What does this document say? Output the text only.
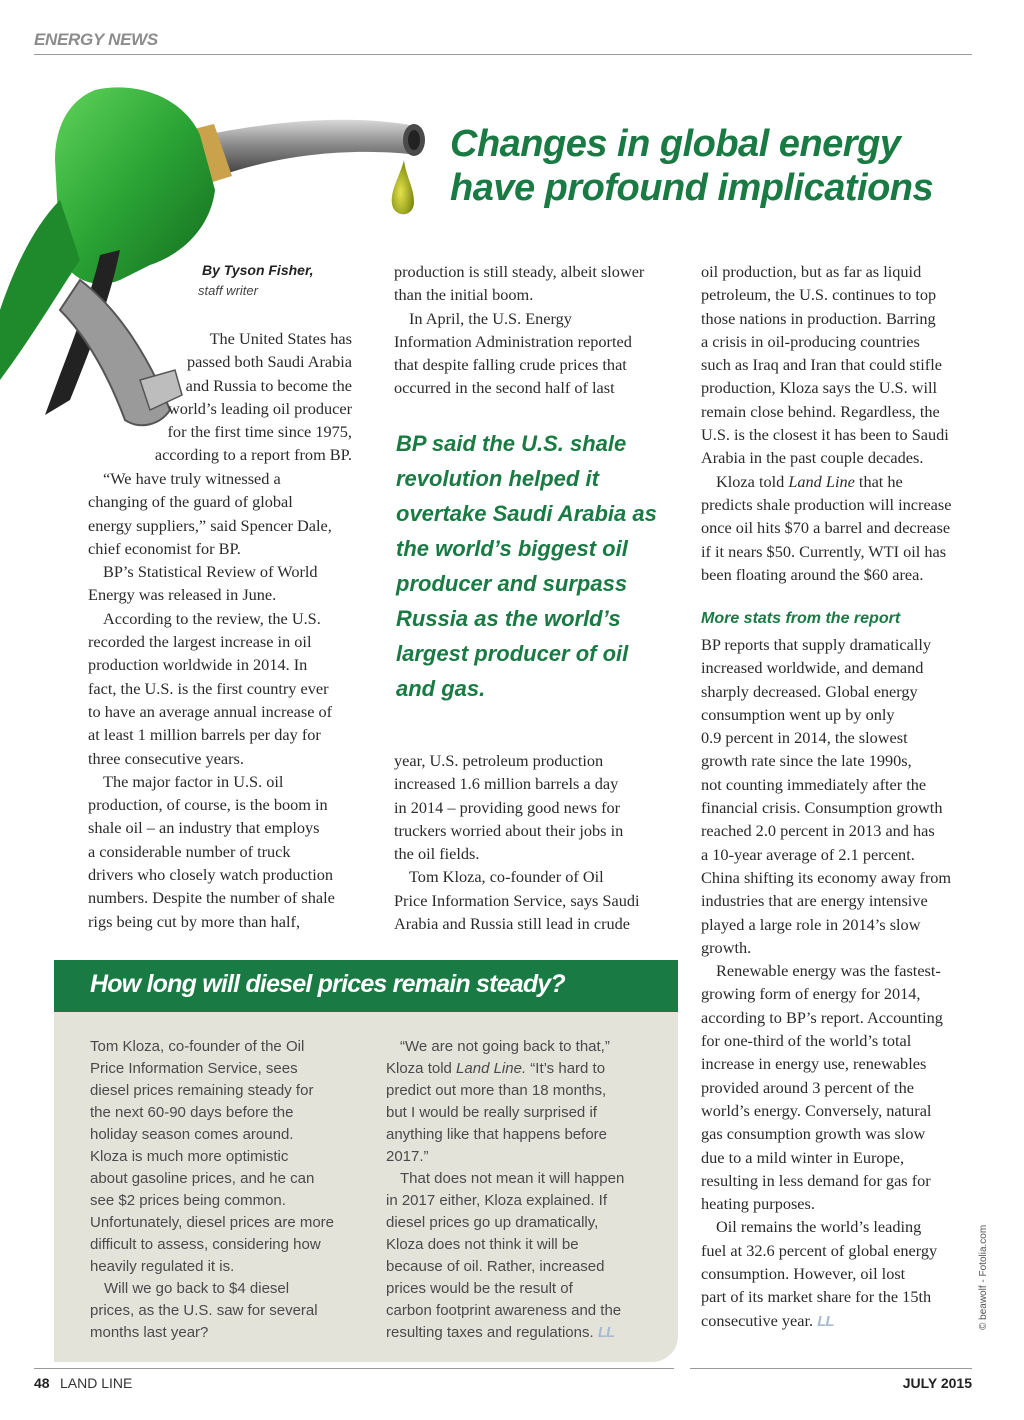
ENERGY NEWS
Changes in global energy
have profound implications
By Tyson Fisher,
staff writer
The United States has
passed both Saudi Arabia
and Russia to become the
world’s leading oil producer
for the first time since 1975,
according to a report from BP.
“We have truly witnessed a
changing of the guard of global
energy suppliers,” said Spencer Dale,
chief economist for BP.
BP’s Statistical Review of World
Energy was released in June.
According to the review, the U.S.
recorded the largest increase in oil
production worldwide in 2014. In
fact, the U.S. is the first country ever
to have an average annual increase of
at least 1 million barrels per day for
three consecutive years.
The major factor in U.S. oil
production, of course, is the boom in
shale oil – an industry that employs
a considerable number of truck
drivers who closely watch production
numbers. Despite the number of shale
rigs being cut by more than half,
production is still steady, albeit slower
than the initial boom.
In April, the U.S. Energy
Information Administration reported
that despite falling crude prices that
occurred in the second half of last
BP said the U.S. shale
revolution helped it
overtake Saudi Arabia as
the world’s biggest oil
producer and surpass
Russia as the world’s
largest producer of oil
and gas.
year, U.S. petroleum production
increased 1.6 million barrels a day
in 2014 – providing good news for
truckers worried about their jobs in
the oil fields.
Tom Kloza, co-founder of Oil
Price Information Service, says Saudi
Arabia and Russia still lead in crude
oil production, but as far as liquid
petroleum, the U.S. continues to top
those nations in production. Barring
a crisis in oil-producing countries
such as Iraq and Iran that could stifle
production, Kloza says the U.S. will
remain close behind. Regardless, the
U.S. is the closest it has been to Saudi
Arabia in the past couple decades.
Kloza told Land Line that he
predicts shale production will increase
once oil hits $70 a barrel and decrease
if it nears $50. Currently, WTI oil has
been floating around the $60 area.
More stats from the report
BP reports that supply dramatically
increased worldwide, and demand
sharply decreased. Global energy
consumption went up by only
0.9 percent in 2014, the slowest
growth rate since the late 1990s,
not counting immediately after the
financial crisis. Consumption growth
reached 2.0 percent in 2013 and has
a 10-year average of 2.1 percent.
China shifting its economy away from
industries that are energy intensive
played a large role in 2014’s slow
growth.
Renewable energy was the fastest-
growing form of energy for 2014,
according to BP’s report. Accounting
for one-third of the world’s total
increase in energy use, renewables
provided around 3 percent of the
world’s energy. Conversely, natural
gas consumption growth was slow
due to a mild winter in Europe,
resulting in less demand for gas for
heating purposes.
Oil remains the world’s leading
fuel at 32.6 percent of global energy
consumption. However, oil lost
part of its market share for the 15th
consecutive year. LL
How long will diesel prices remain steady?
Tom Kloza, co-founder of the Oil
Price Information Service, sees
diesel prices remaining steady for
the next 60-90 days before the
holiday season comes around.
Kloza is much more optimistic
about gasoline prices, and he can
see $2 prices being common.
Unfortunately, diesel prices are more
difficult to assess, considering how
heavily regulated it is.
Will we go back to $4 diesel
prices, as the U.S. saw for several
months last year?
“We are not going back to that,”
Kloza told Land Line. “It’s hard to
predict out more than 18 months,
but I would be really surprised if
anything like that happens before
2017.”
That does not mean it will happen
in 2017 either, Kloza explained. If
diesel prices go up dramatically,
Kloza does not think it will be
because of oil. Rather, increased
prices would be the result of
carbon footprint awareness and the
resulting taxes and regulations. LL
© beawolf - Fotolia.com
48 LAND LINE	JULY 2015
